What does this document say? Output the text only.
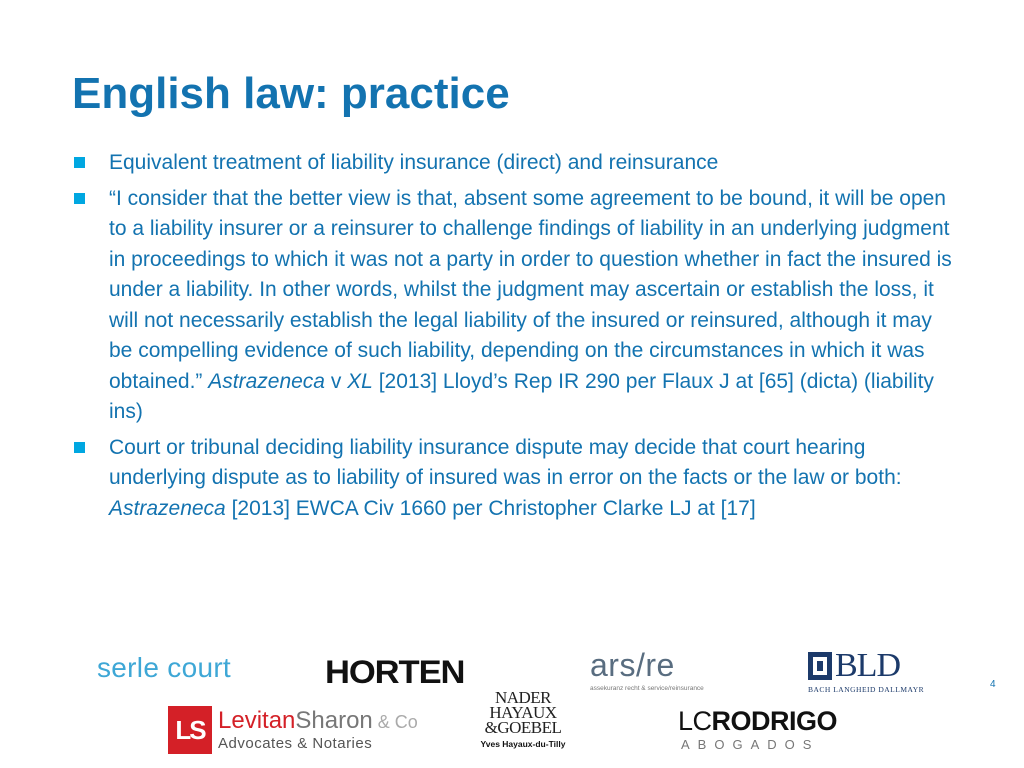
English law: practice
Equivalent treatment of liability insurance (direct) and reinsurance
“I consider that the better view is that, absent some agreement to be bound, it will be open to a liability insurer or a reinsurer to challenge findings of liability in an underlying judgment in proceedings to which it was not a party in order to question whether in fact the insured is under a liability. In other words, whilst the judgment may ascertain or establish the loss, it will not necessarily establish the legal liability of the insured or reinsured, although it may be compelling evidence of such liability, depending on the circumstances in which it was obtained.” Astrazeneca v XL [2013] Lloyd’s Rep IR 290 per Flaux J at [65] (dicta) (liability ins)
Court or tribunal deciding liability insurance dispute may decide that court hearing underlying dispute as to liability of insured was in error on the facts or the law or both: Astrazeneca [2013] EWCA Civ 1660 per Christopher Clarke LJ at [17]
4
serle court	HORTEN	ars/re
assekuranz recht & service/reinsurance
BLD
BACH LANGHEID DALLMAYR
LS LevitanSharon & Co
Advocates & Notaries
NADER
HAYAUX
&GOEBEL
Yves Hayaux-du-Tilly
LCRODRIGO
ABOGADOS
